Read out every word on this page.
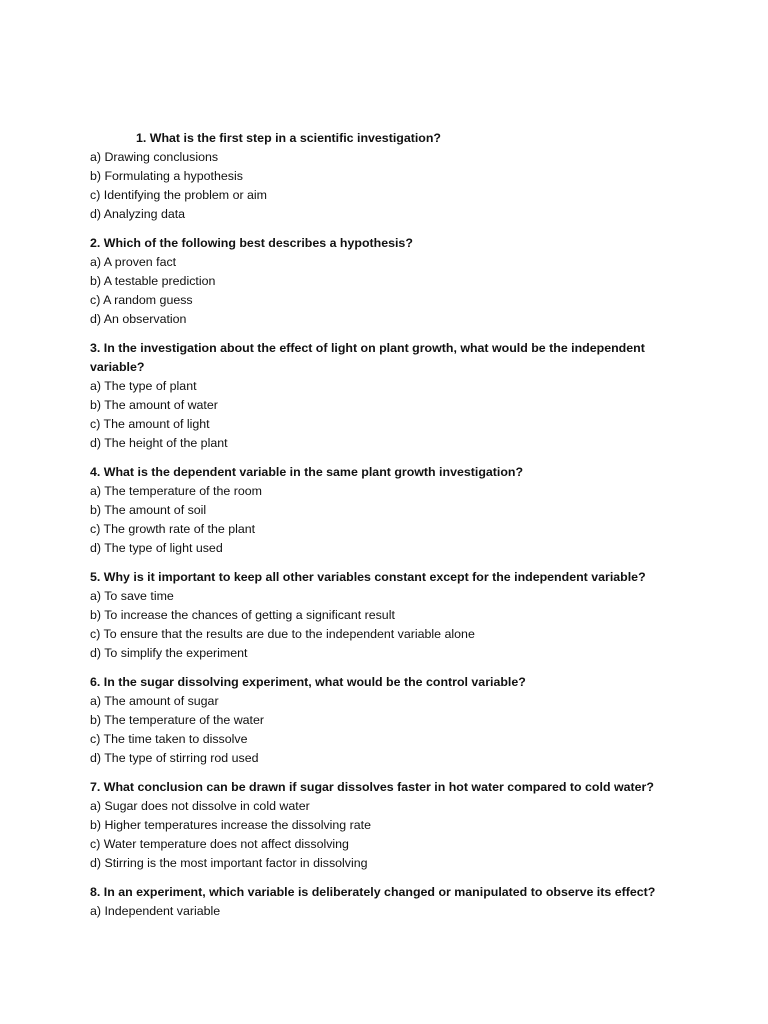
1. What is the first step in a scientific investigation?

a) Drawing conclusions

b) Formulating a hypothesis

c) Identifying the problem or aim

d) Analyzing data

2. Which of the following best describes a hypothesis?

a) A proven fact

b) A testable prediction

c) A random guess

d) An observation

3. In the investigation about the effect of light on plant growth, what would be the independent variable?

a) The type of plant

b) The amount of water

c) The amount of light

d) The height of the plant

4. What is the dependent variable in the same plant growth investigation?

a) The temperature of the room

b) The amount of soil

c) The growth rate of the plant

d) The type of light used

5. Why is it important to keep all other variables constant except for the independent variable?

a) To save time

b) To increase the chances of getting a significant result

c) To ensure that the results are due to the independent variable alone

d) To simplify the experiment

6. In the sugar dissolving experiment, what would be the control variable?

a) The amount of sugar

b) The temperature of the water

c) The time taken to dissolve

d) The type of stirring rod used

7. What conclusion can be drawn if sugar dissolves faster in hot water compared to cold water?

a) Sugar does not dissolve in cold water

b) Higher temperatures increase the dissolving rate

c) Water temperature does not affect dissolving

d) Stirring is the most important factor in dissolving

8. In an experiment, which variable is deliberately changed or manipulated to observe its effect?

a) Independent variable
